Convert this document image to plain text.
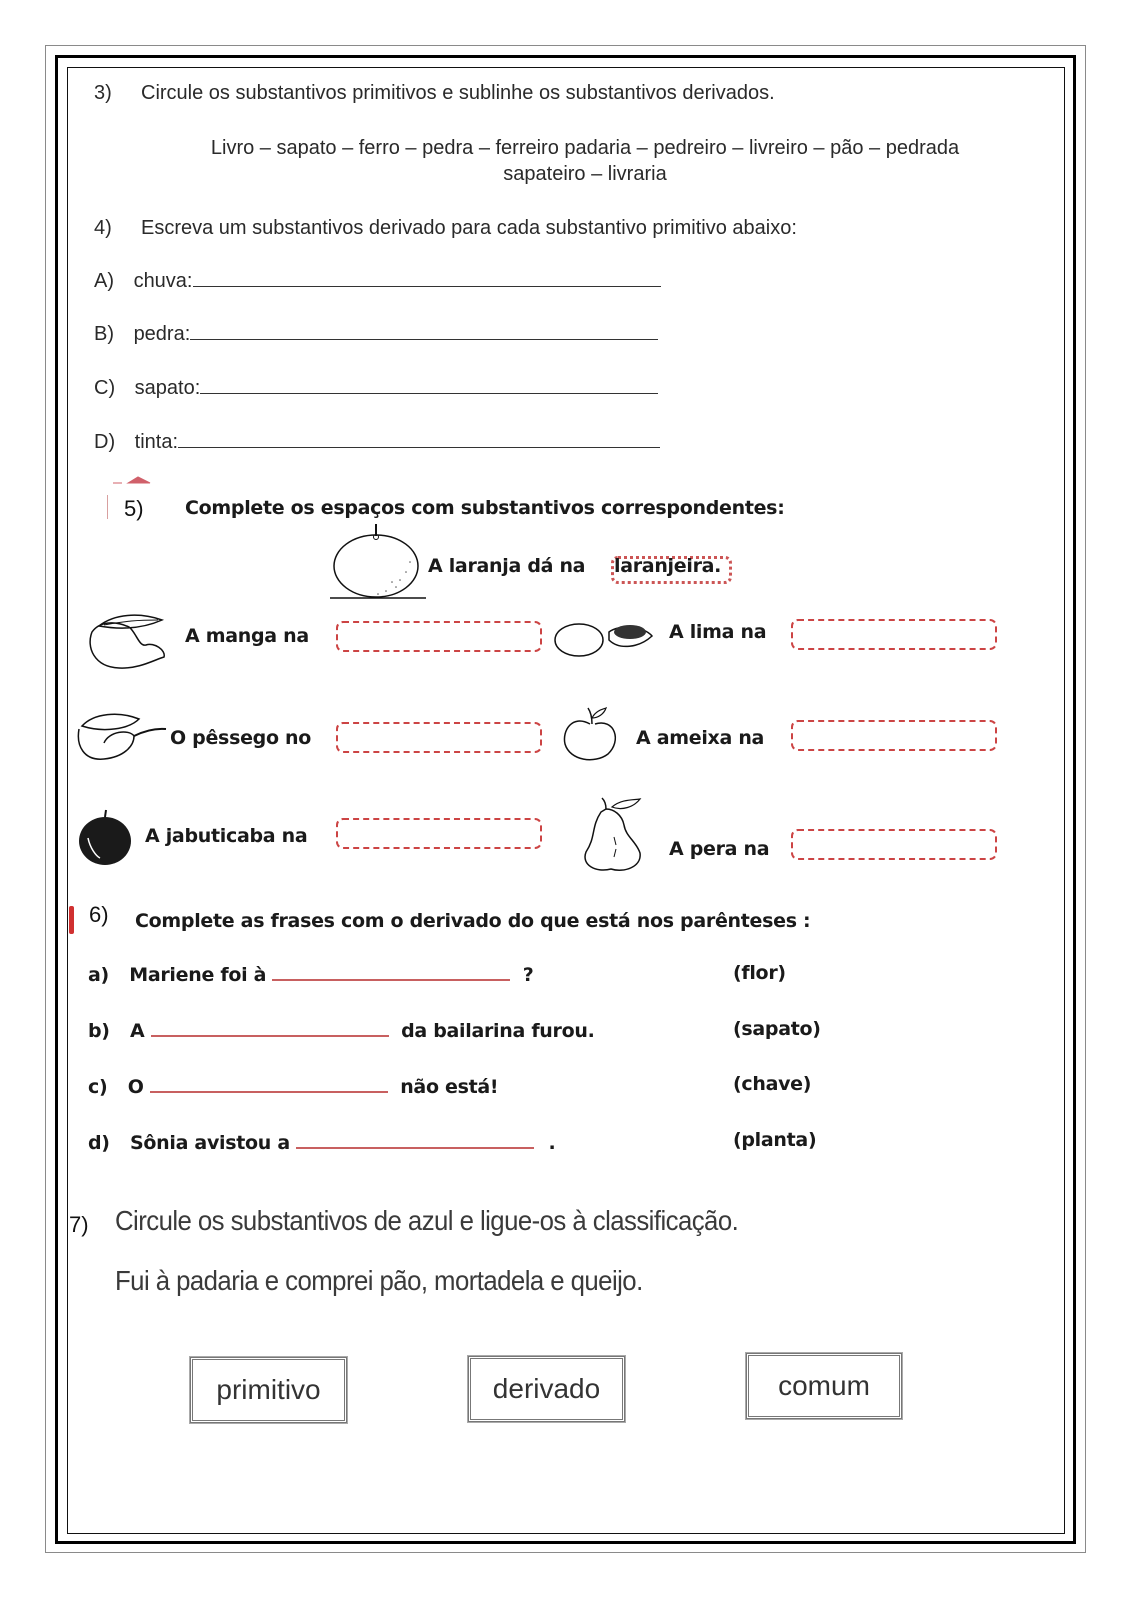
3) Circule os substantivos primitivos e sublinhe os substantivos derivados.
Livro – sapato – ferro – pedra – ferreiro padaria – pedreiro – livreiro – pão – pedrada
sapateiro – livraria
4) Escreva um substantivos derivado para cada substantivo primitivo abaixo:
A) chuva:
B) pedra:
C) sapato:
D) tinta:
5) Complete os espaços com substantivos correspondentes:
A laranja dá na laranjeira.
A manga na	A lima na
O pêssego no	A ameixa na
A jabuticaba na
A pera na
6) Complete as frases com o derivado do que está nos parênteses :
a) Mariene foi à	?	(flor)
b) A	da bailarina furou.	(sapato)
c) O	não está!	(chave)
d) Sônia avistou a	.	(planta)
7) Circule os substantivos de azul e ligue-os à classificação.
Fui à padaria e comprei pão, mortadela e queijo.
primitivo	derivado	comum
